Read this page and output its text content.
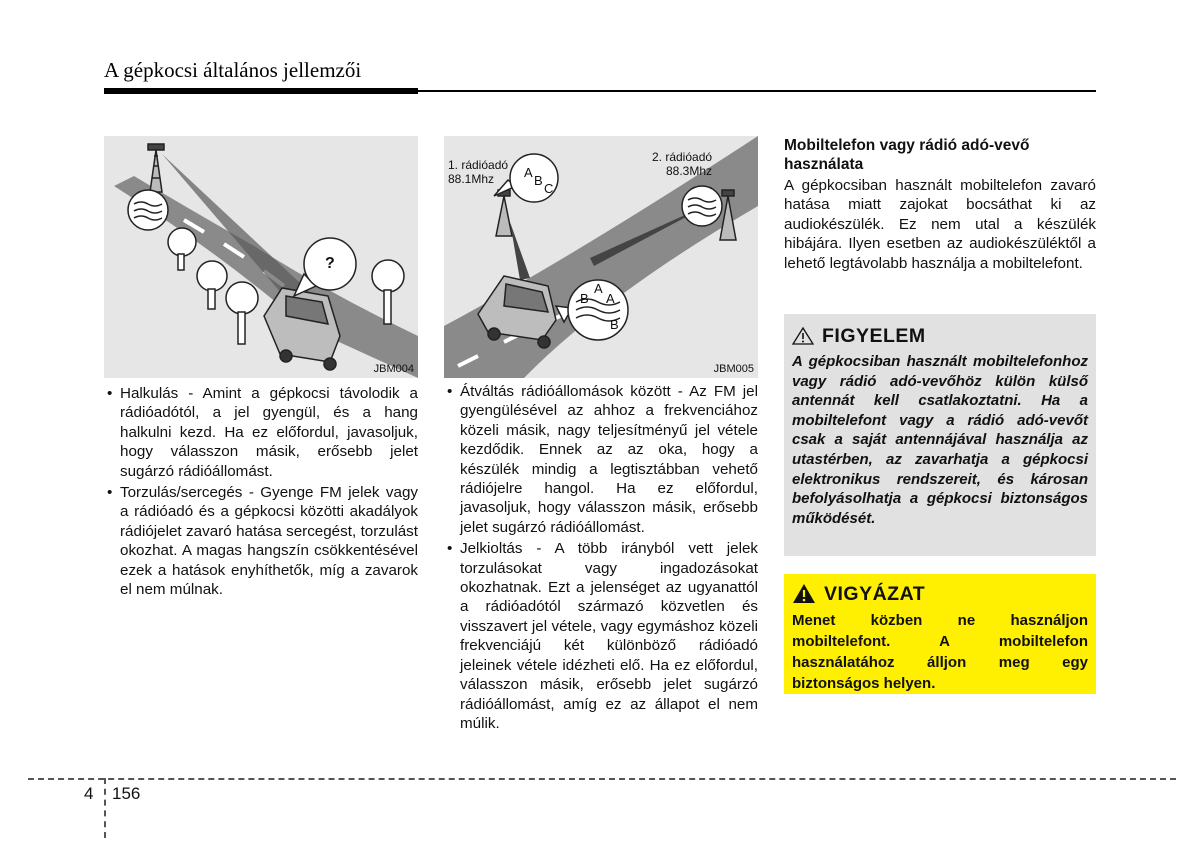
A gépkocsi általános jellemzői
?
JBM004
1. rádióadó
88.1Mhz
2. rádióadó
88.3Mhz
A
B
C
B
A
A
B
JBM005
• Halkulás - Amint a gépkocsi távolodik a rádióadótól, a jel gyengül, és a hang halkulni kezd. Ha ez előfordul, javasoljuk, hogy válasszon másik, erősebb jelet sugárzó rádióállomást.
• Torzulás/sercegés - Gyenge FM jelek vagy a rádióadó és a gépkocsi közötti akadályok rádiójelet zavaró hatása sercegést, torzulást okozhat. A magas hangszín csökkentésével ezek a hatások enyhíthetők, míg a zavarok el nem múlnak.
• Átváltás rádióállomások között - Az FM jel gyengülésével az ahhoz a frekvenciához közeli másik, nagy teljesítményű jel vétele kezdődik. Ennek az az oka, hogy a készülék mindig a legtisztábban vehető rádiójelre hangol. Ha ez előfordul, javasoljuk, hogy válasszon másik, erősebb jelet sugárzó rádióállomást.
• Jelkioltás - A több irányból vett jelek torzulásokat vagy ingadozásokat okozhatnak. Ezt a jelenséget az ugyanattól a rádióadótól származó közvetlen és visszavert jel vétele, vagy egymáshoz közeli frekvenciájú két különböző rádióadó jeleinek vétele idézheti elő. Ha ez előfordul, válasszon másik, erősebb jelet sugárzó rádióállomást, amíg ez az állapot el nem múlik.
Mobiltelefon vagy rádió adó-vevő használata
A gépkocsiban használt mobiltelefon zavaró hatása miatt zajokat bocsáthat ki az audiokészülék. Ez nem utal a készülék hibájára. Ilyen esetben az audiokészüléktől a lehető legtávolabb használja a mobiltelefont.
FIGYELEM
A gépkocsiban használt mobiltelefonhoz vagy rádió adó-vevőhöz külön külső antennát kell csatlakoztatni. Ha a mobiltelefont vagy a rádió adó-vevőt csak a saját antennájával használja az utastérben, az zavarhatja a gépkocsi elektronikus rendszereit, és károsan befolyásolhatja a gépkocsi biztonságos működését.
VIGYÁZAT
Menet közben ne használjon mobiltelefont. A mobiltelefon használatához álljon meg egy biztonságos helyen.
4 156
